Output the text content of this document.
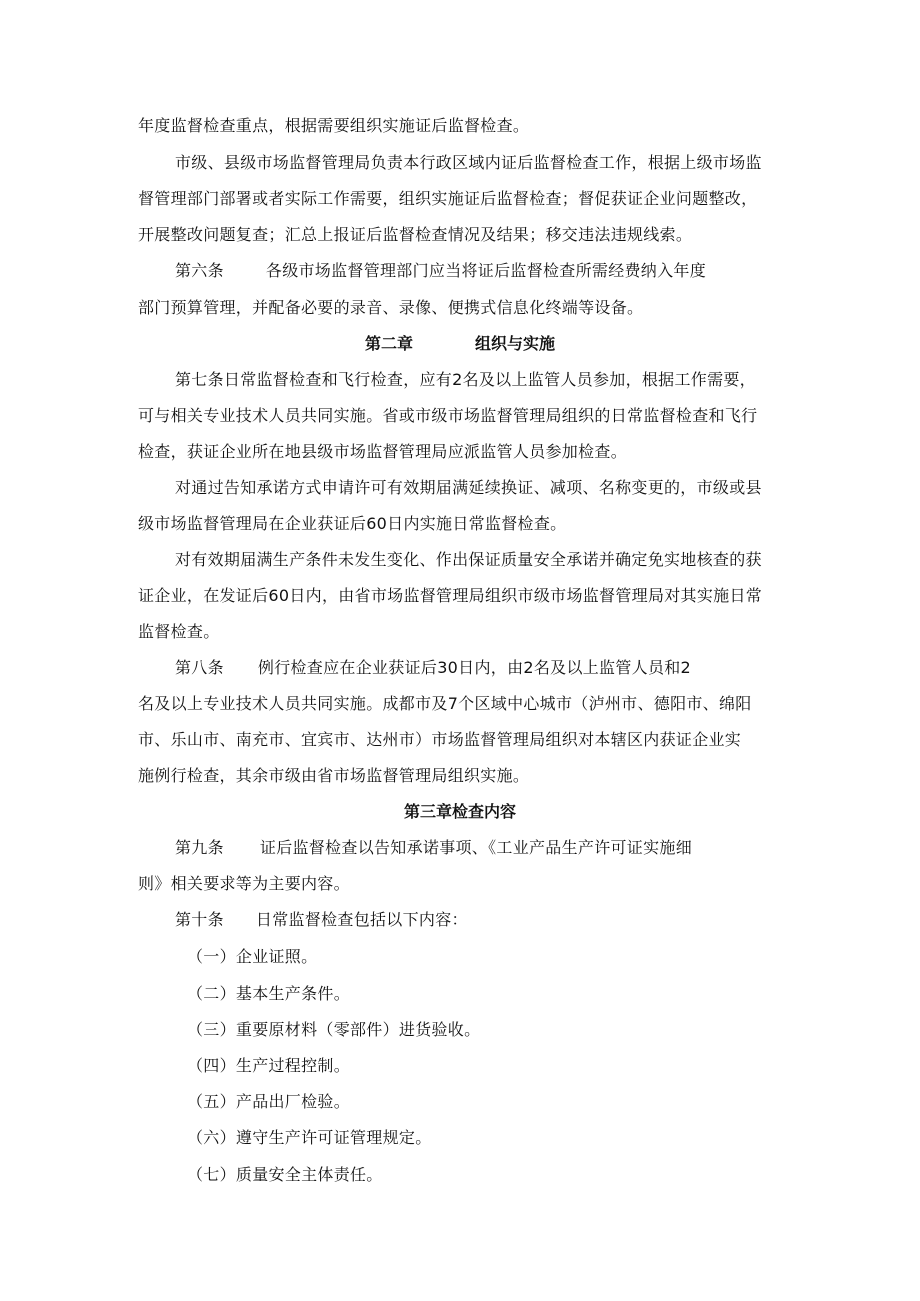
年度监督检查重点，根据需要组织实施证后监督检查。
市级、县级市场监督管理局负责本行政区域内证后监督检查工作，根据上级市场监
督管理部门部署或者实际工作需要，组织实施证后监督检查；督促获证企业问题整改，
开展整改问题复查；汇总上报证后监督检查情况及结果；移交违法违规线索。
第六条	各级市场监督管理部门应当将证后监督检查所需经费纳入年度
部门预算管理，并配备必要的录音、录像、便携式信息化终端等设备。
第二章	组织与实施
第七条日常监督检查和飞行检查，应有2名及以上监管人员参加，根据工作需要，
可与相关专业技术人员共同实施。省或市级市场监督管理局组织的日常监督检查和飞行
检查，获证企业所在地县级市场监督管理局应派监管人员参加检查。
对通过告知承诺方式申请许可有效期届满延续换证、减项、名称变更的，市级或县
级市场监督管理局在企业获证后60日内实施日常监督检查。
对有效期届满生产条件未发生变化、作出保证质量安全承诺并确定免实地核查的获
证企业，在发证后60日内，由省市场监督管理局组织市级市场监督管理局对其实施日常
监督检查。
第八条 例行检查应在企业获证后30日内，由2名及以上监管人员和2
名及以上专业技术人员共同实施。成都市及7个区域中心城市（泸州市、德阳市、绵阳
市、乐山市、南充市、宜宾市、达州市）市场监督管理局组织对本辖区内获证企业实
施例行检查，其余市级由省市场监督管理局组织实施。
第三章检查内容
第九条 证后监督检查以告知承诺事项、《工业产品生产许可证实施细
则》相关要求等为主要内容。
第十条 日常监督检查包括以下内容：
（一）企业证照。
（二）基本生产条件。
（三）重要原材料（零部件）进货验收。
（四）生产过程控制。
（五）产品出厂检验。
（六）遵守生产许可证管理规定。
（七）质量安全主体责任。
